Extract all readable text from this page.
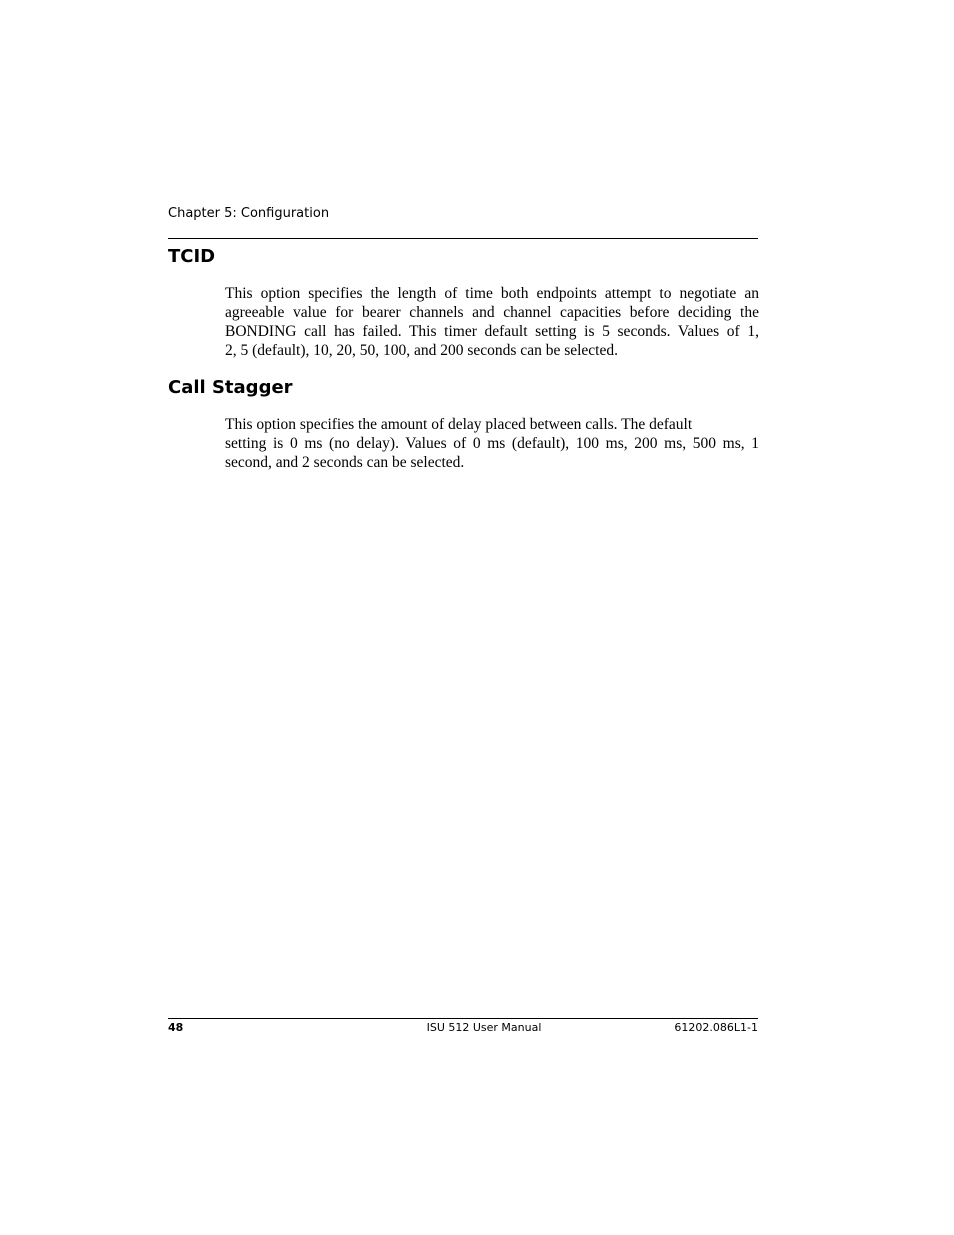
Chapter 5: Configuration
TCID

This option specifies the length of time both endpoints attempt to negotiate an
agreeable value for bearer channels and channel capacities before deciding the
BONDING call has failed. This timer default setting is 5 seconds. Values of 1,
2, 5 (default), 10, 20, 50, 100, and 200 seconds can be selected.

Call Stagger

This option specifies the amount of delay placed between calls. The default
setting is 0 ms (no delay). Values of 0 ms (default), 100 ms, 200 ms, 500 ms, 1
second, and 2 seconds can be selected.

48	ISU 512 User Manual	61202.086L1-1
